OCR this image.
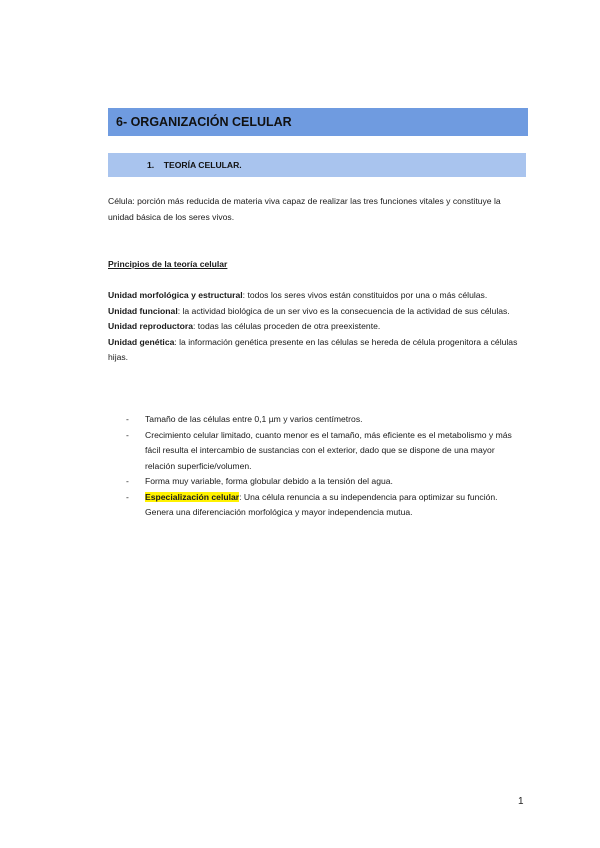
6- ORGANIZACIÓN CELULAR
1.    TEORÍA CELULAR.

Célula: porción más reducida de materia viva capaz de realizar las tres funciones vitales y constituye la unidad básica de los seres vivos.

Principios de la teoría celular

Unidad morfológica y estructural: todos los seres vivos están constituidos por una o más células.
Unidad funcional: la actividad biológica de un ser vivo es la consecuencia de la actividad de sus células.
Unidad reproductora: todas las células proceden de otra preexistente.
Unidad genética: la información genética presente en las células se hereda de célula progenitora a células hijas.
- Tamaño de las células entre 0,1 µm y varios centímetros.
- Crecimiento celular limitado, cuanto menor es el tamaño, más eficiente es el metabolismo y más fácil resulta el intercambio de sustancias con el exterior, dado que se dispone de una mayor relación superficie/volumen.
- Forma muy variable, forma globular debido a la tensión del agua.
- Especialización celular: Una célula renuncia a su independencia para optimizar su función. Genera una diferenciación morfológica y mayor independencia mutua.
1
